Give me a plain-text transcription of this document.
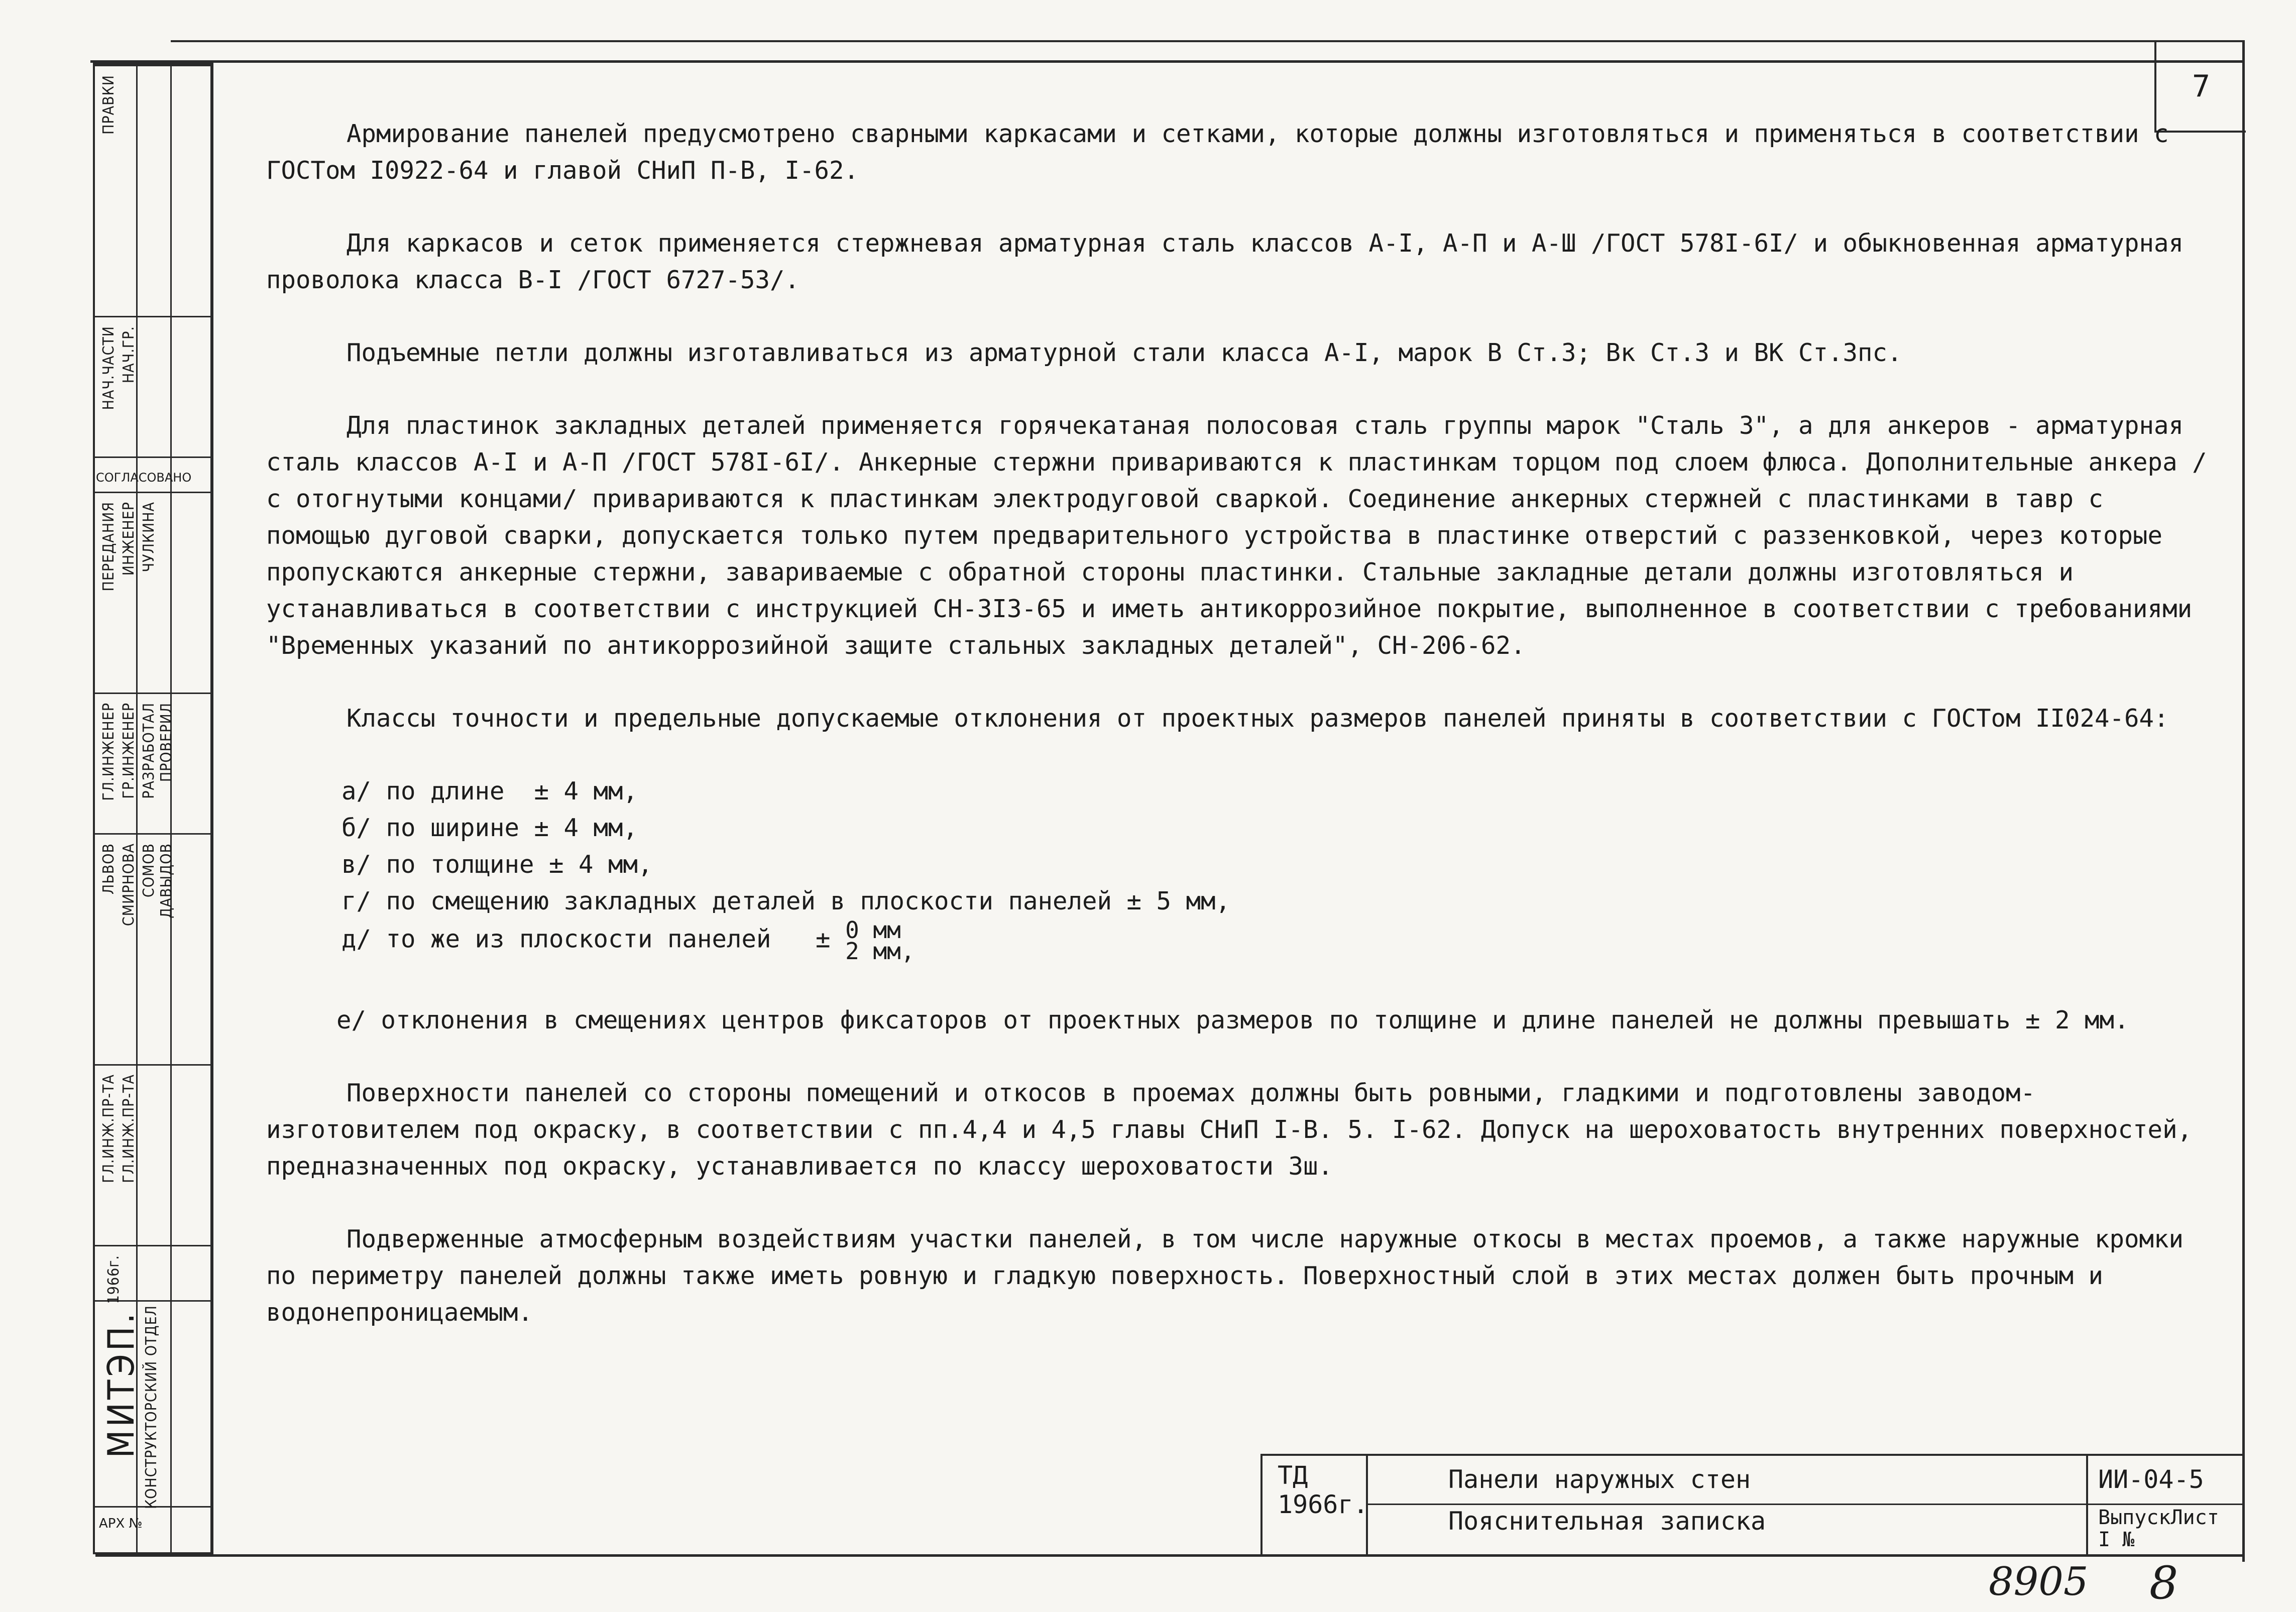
7
МИТЭП. КОНСТРУКТОРСКИЙ ОТДЕЛ
1966г.
АРХ №
ГЛ.ИНЖ.ПР-ТА ГЛ.ИНЖ.ПР-ТА
ЛЬВОВ СМИРНОВА СОМОВ ДАВЫДОВ
ГЛ.ИНЖЕНЕР ГР.ИНЖЕНЕР РАЗРАБОТАЛ ПРОВЕРИЛ
ПЕРЕДАНИЯ ИНЖЕНЕР ЧУЛКИНА
СОГЛАСОВАНО
НАЧ.ЧАСТИ НАЧ.ГР.
ПРАВКИ	Армирование панелей предусмотрено сварными каркасами и сетками, которые должны изготовляться и применяться в соответствии с ГОСТом I0922-64 и главой СНиП П-В, I-62.

Для каркасов и сеток применяется стержневая арматурная сталь классов А-I, А-П и А-Ш /ГОСТ 578I-6I/ и обыкновенная арматурная проволока класса В-I /ГОСТ 6727-53/.

Подъемные петли должны изготавливаться из арматурной стали класса А-I, марок В Ст.3; Вк Ст.3 и ВК Ст.3пс.

Для пластинок закладных деталей применяется горячекатаная полосовая сталь группы марок "Сталь 3", а для анкеров - арматурная сталь классов А-I и А-П /ГОСТ 578I-6I/. Анкерные стержни привариваются к пластинкам торцом под слоем флюса. Дополнительные анкера /с отогнутыми концами/ привариваются к пластинкам электродуговой сваркой. Соединение анкерных стержней с пластинками в тавр с помощью дуговой сварки, допускается только путем предварительного устройства в пластинке отверстий с раззенковкой, через которые пропускаются анкерные стержни, завариваемые с обратной стороны пластинки. Стальные закладные детали должны изготовляться и устанавливаться в соответствии с инструкцией СН-3I3-65 и иметь антикоррозийное покрытие, выполненное в соответствии с требованиями "Временных указаний по антикоррозийной защите стальных закладных деталей", СН-206-62.

Классы точности и предельные допускаемые отклонения от проектных размеров панелей приняты в соответствии с ГОСТом II024-64:

а/ по длине ± 4 мм,
б/ по ширине ± 4 мм,
в/ по толщине ± 4 мм,
г/ по смещению закладных деталей в плоскости панелей ± 5 мм,
д/ то же из плоскости панелей ± 0 мм
2 мм,

е/ отклонения в смещениях центров фиксаторов от проектных размеров по толщине и длине панелей не должны превышать ± 2 мм.

Поверхности панелей со стороны помещений и откосов в проемах должны быть ровными, гладкими и подготовлены заводом-изготовителем под окраску, в соответствии с пп.4,4 и 4,5 главы СНиП I-В. 5. I-62. Допуск на шероховатость внутренних поверхностей, предназначенных под окраску, устанавливается по классу шероховатости 3ш.

Подверженные атмосферным воздействиям участки панелей, в том числе наружные откосы в местах проемов, а также наружные кромки по периметру панелей должны также иметь ровную и гладкую поверхность. Поверхностный слой в этих местах должен быть прочным и водонепроницаемым.

ТД
1966г.
Панели наружных стен
Пояснительная записка
ИИ-04-5
ВыпускЛист
I №
8905 8
